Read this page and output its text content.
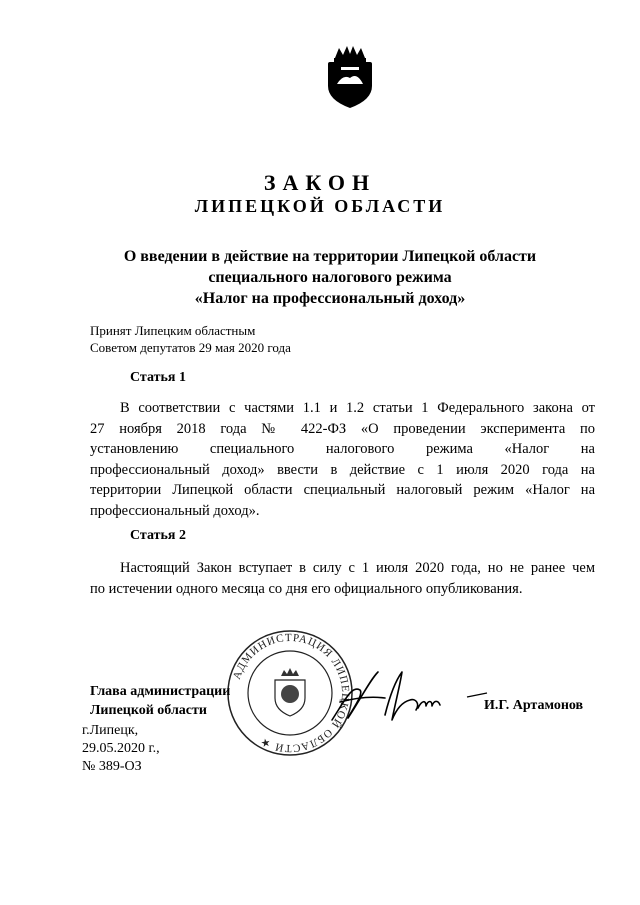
ЗАКОН
ЛИПЕЦКОЙ ОБЛАСТИ
О введении в действие на территории Липецкой области
специального налогового режима
«Налог на профессиональный доход»
Принят Липецким областным
Советом депутатов 29 мая 2020 года
Статья 1
В соответствии с частями 1.1 и 1.2 статьи 1 Федерального закона от
27 ноября 2018 года № 422-ФЗ «О проведении эксперимента по
установлению специального налогового режима «Налог на
профессиональный доход» ввести в действие с 1 июля 2020 года на
территории Липецкой области специальный налоговый режим «Налог на
профессиональный доход».
Статья 2
Настоящий Закон вступает в силу с 1 июля 2020 года, но не ранее чем
по истечении одного месяца со дня его официального опубликования.
АДМИНИСТРАЦИЯ ЛИПЕЦКОЙ ОБЛАСТИ ★
Глава администрации
Липецкой области	И.Г. Артамонов
г.Липецк,
29.05.2020 г.,
№ 389-ОЗ
